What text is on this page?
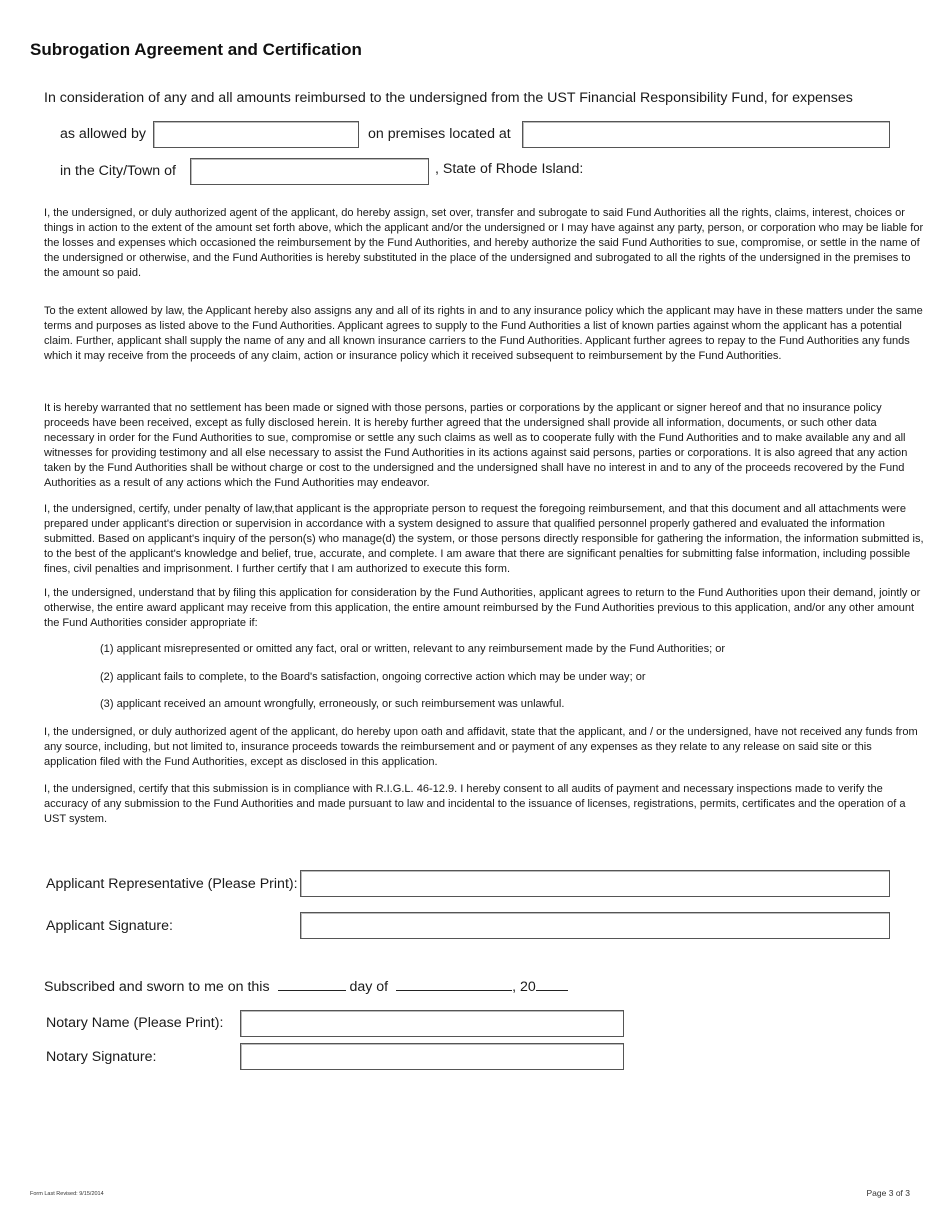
Subrogation Agreement and Certification
In consideration of any and all amounts reimbursed to the undersigned from the UST Financial Responsibility Fund, for expenses
as allowed by	on premises located at
in the City/Town of	, State of Rhode Island:

I, the undersigned, or duly authorized agent of the applicant, do hereby assign, set over, transfer and subrogate to said Fund Authorities all the rights, claims, interest, choices or things in action to the extent of the amount set forth above, which the applicant and/or the undersigned or I may have against any party, person, or corporation who may be liable for the losses and expenses which occasioned the reimbursement by the Fund Authorities, and hereby authorize the said Fund Authorities to sue, compromise, or settle in the name of the undersigned or otherwise, and the Fund Authorities is hereby substituted in the place of the undersigned and subrogated to all the rights of the undersigned in the premises to the amount so paid.

To the extent allowed by law, the Applicant hereby also assigns any and all of its rights in and to any insurance policy which the applicant may have in these matters under the same terms and purposes as listed above to the Fund Authorities. Applicant agrees to supply to the Fund Authorities a list of known parties against whom the applicant has a potential claim. Further, applicant shall supply the name of any and all known insurance carriers to the Fund Authorities. Applicant further agrees to repay to the Fund Authorities any funds which it may receive from the proceeds of any claim, action or insurance policy which it received subsequent to reimbursement by the Fund Authorities.

It is hereby warranted that no settlement has been made or signed with those persons, parties or corporations by the applicant or signer hereof and that no insurance policy proceeds have been received, except as fully disclosed herein. It is hereby further agreed that the undersigned shall provide all information, documents, or such other data necessary in order for the Fund Authorities to sue, compromise or settle any such claims as well as to cooperate fully with the Fund Authorities and to make available any and all witnesses for providing testimony and all else necessary to assist the Fund Authorities in its actions against said persons, parties or corporations. It is also agreed that any action taken by the Fund Authorities shall be without charge or cost to the undersigned and the undersigned shall have no interest in and to any of the proceeds recovered by the Fund Authorities as a result of any actions which the Fund Authorities may endeavor.

I, the undersigned, certify, under penalty of law,that applicant is the appropriate person to request the foregoing reimbursement, and that this document and all attachments were prepared under applicant's direction or supervision in accordance with a system designed to assure that qualified personnel properly gathered and evaluated the information submitted. Based on applicant's inquiry of the person(s) who manage(d) the system, or those persons directly responsible for gathering the information, the information submitted is, to the best of the applicant's knowledge and belief, true, accurate, and complete. I am aware that there are significant penalties for submitting false information, including possible fines, civil penalties and imprisonment. I further certify that I am authorized to execute this form.

I, the undersigned, understand that by filing this application for consideration by the Fund Authorities, applicant agrees to return to the Fund Authorities upon their demand, jointly or otherwise, the entire award applicant may receive from this application, the entire amount reimbursed by the Fund Authorities previous to this application, and/or any other amount the Fund Authorities consider appropriate if:

(1) applicant misrepresented or omitted any fact, oral or written, relevant to any reimbursement made by the Fund Authorities; or
(2) applicant fails to complete, to the Board's satisfaction, ongoing corrective action which may be under way; or
(3) applicant received an amount wrongfully, erroneously, or such reimbursement was unlawful.

I, the undersigned, or duly authorized agent of the applicant, do hereby upon oath and affidavit, state that the applicant, and / or the undersigned, have not received any funds from any source, including, but not limited to, insurance proceeds towards the reimbursement and or payment of any expenses as they relate to any release on said site or this application filed with the Fund Authorities, except as disclosed in this application.

I, the undersigned, certify that this submission is in compliance with R.I.G.L. 46-12.9. I hereby consent to all audits of payment and necessary inspections made to verify the accuracy of any submission to the Fund Authorities and made pursuant to law and incidental to the issuance of licenses, registrations, permits, certificates and the operation of a UST system.

Applicant Representative (Please Print):
Applicant Signature:
Subscribed and sworn to me on this	day of	, 20
Notary Name (Please Print):
Notary Signature:
Form Last Revised: 9/15/2014	Page 3 of 3
